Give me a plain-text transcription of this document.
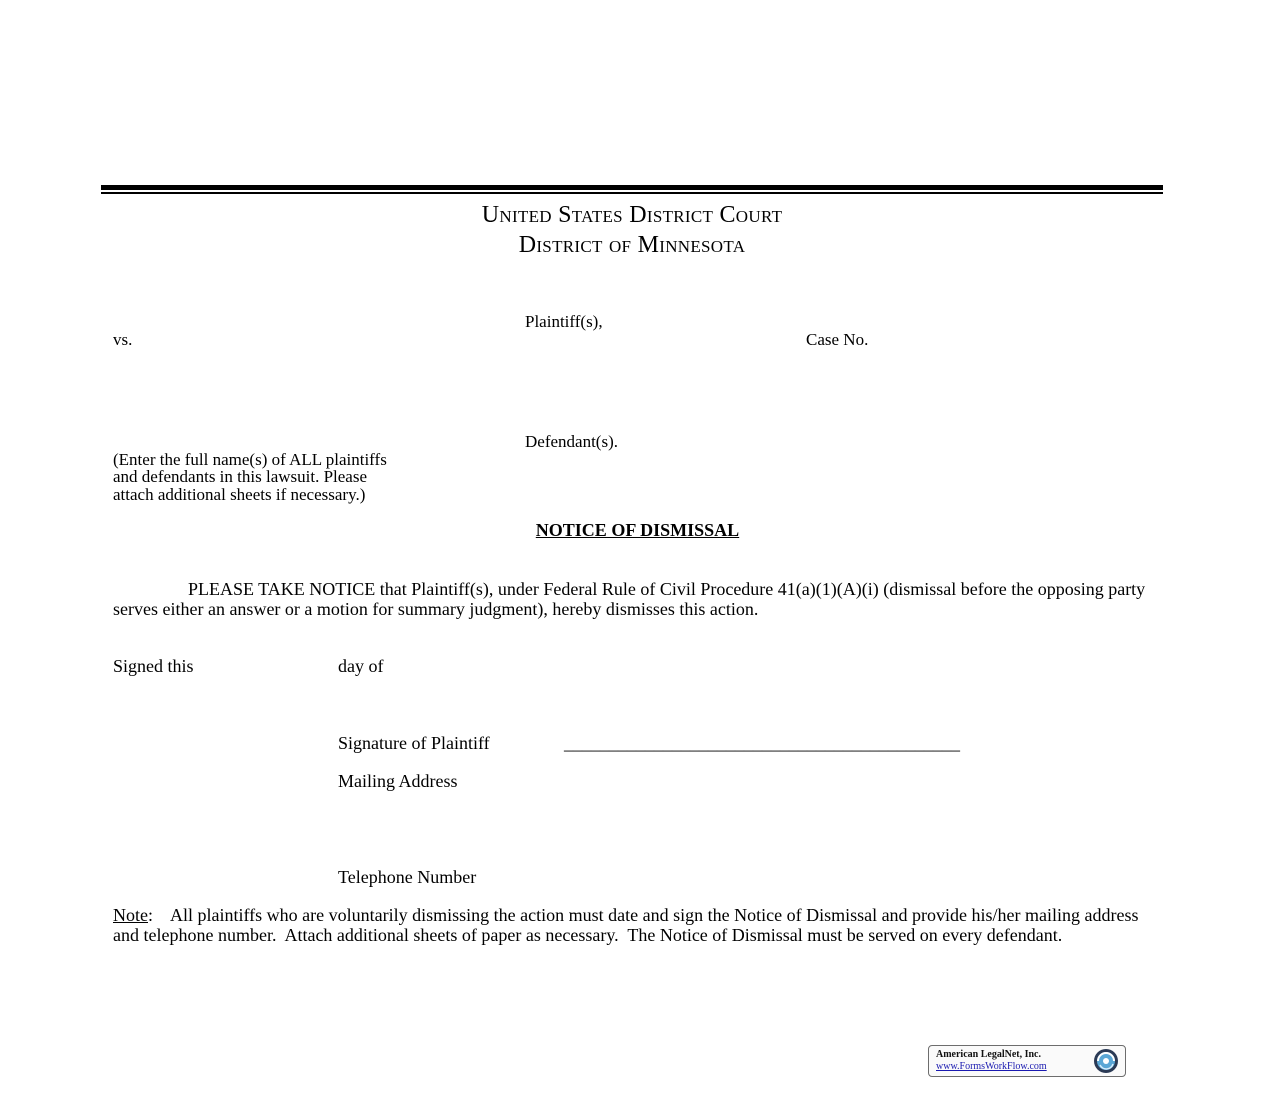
United States District Court
District of Minnesota
Plaintiff(s),
vs.	Case No.
Defendant(s).
(Enter the full name(s) of ALL plaintiffs
and defendants in this lawsuit. Please
attach additional sheets if necessary.)
NOTICE OF DISMISSAL
PLEASE TAKE NOTICE that Plaintiff(s), under Federal Rule of Civil Procedure 41(a)(1)(A)(i) (dismissal before the opposing party serves either an answer or a motion for summary judgment), hereby dismisses this action.
Signed this	day of
Signature of Plaintiff	____________________________________________
Mailing Address
Telephone Number
Note:    All plaintiffs who are voluntarily dismissing the action must date and sign the Notice of Dismissal and provide his/her mailing address and telephone number.  Attach additional sheets of paper as necessary.  The Notice of Dismissal must be served on every defendant.
American LegalNet, Inc.
www.FormsWorkFlow.com
